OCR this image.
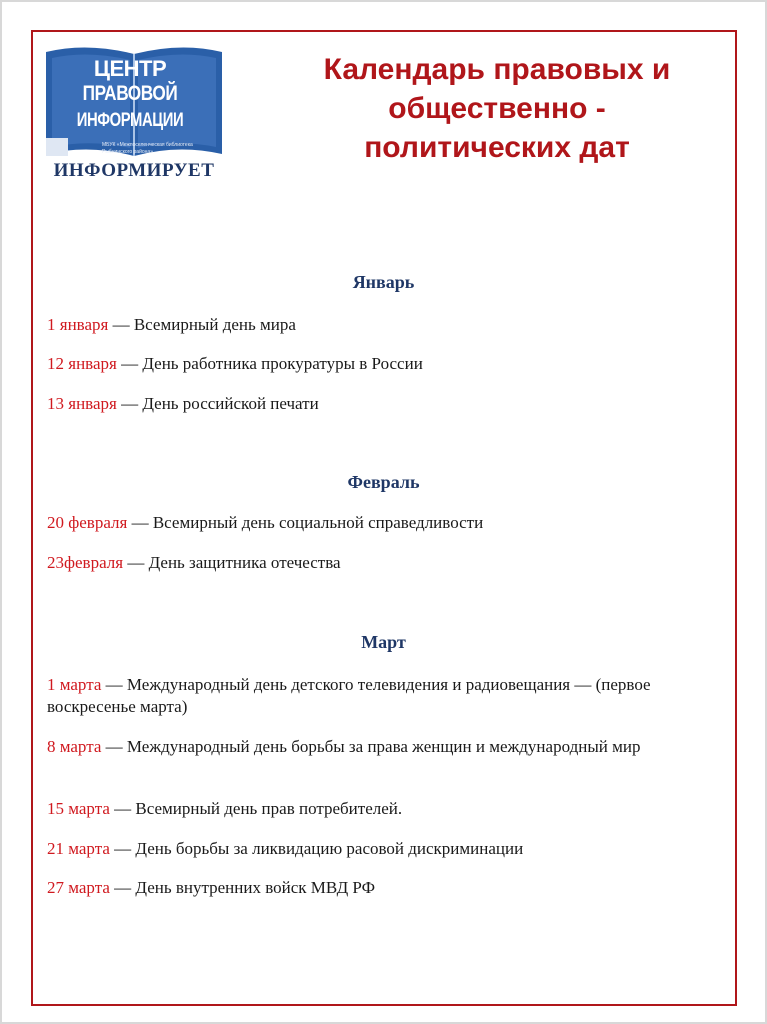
ЦЕНТР
ПРАВОВОЙ
ИНФОРМАЦИИ
МБУК «Межпоселенческая библиотека Рыбнинского района»
ИНФОРМИРУЕТ
Календарь правовых и
общественно -
политических дат
Январь
1 января — Всемирный день мира
12 января — День работника прокуратуры в России
13 января — День российской печати
Февраль
20 февраля — Всемирный день социальной справедливости
23февраля — День защитника отечества
Март
1 марта — Международный день детского телевидения и радиовещания — (первое воскресенье марта)
8 марта — Международный день борьбы за права женщин и международный мир
15 марта — Всемирный день прав потребителей.
21 марта — День борьбы за ликвидацию расовой дискриминации
27 марта — День внутренних войск МВД РФ
